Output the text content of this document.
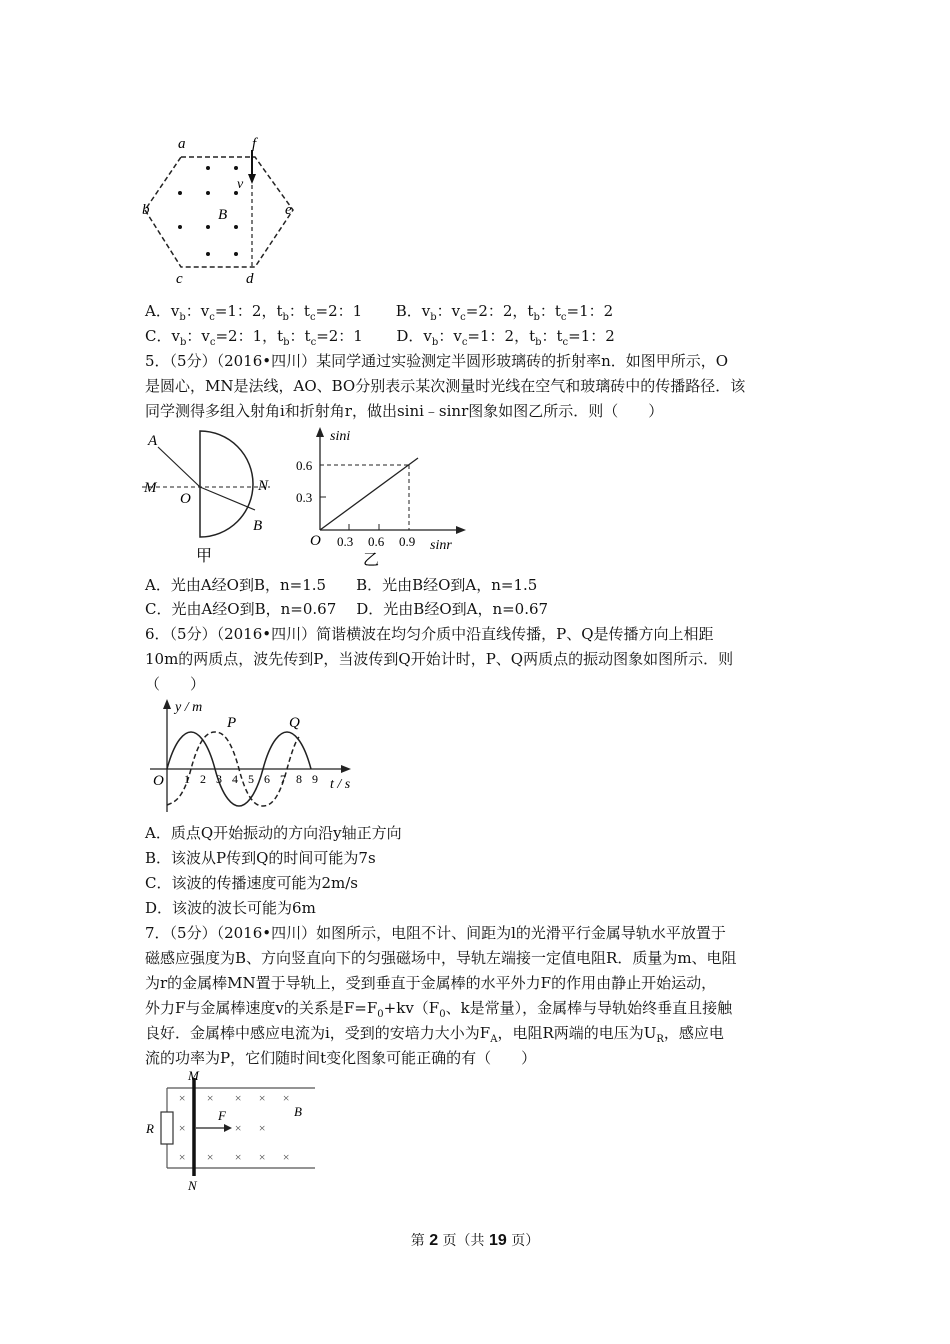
a	f
v
b	B	e
c	d
A．$v_b$：$v_c=1$：2，$t_b$：$t_c=2$：1 B．$v_b$：$v_c=2$：2，$t_b$：$t_c=1$：2
C．$v_b$：$v_c=2$：1，$t_b$：$t_c=2$：1 D．$v_b$：$v_c=1$：2，$t_b$：$t_c=1$：2
5．（5分）（2016•四川）某同学通过实验测定半圆形玻璃砖的折射率n．如图甲所示，O
是圆心，MN是法线，AO、BO分别表示某次测量时光线在空气和玻璃砖中的传播路径．该
同学测得多组入射角i和折射角r，做出sini﹣sinr图象如图乙所示．则（　　）
A
M
O
N
B
甲
sini
sinr
O
0.6
0.3
0.3 0.6 0.9
乙
A．光由A经O到B，n=1.5 B．光由B经O到A，n=1.5
C．光由A经O到B，n=0.67 D．光由B经O到A，n=0.67
6．（5分）（2016•四川）简谐横波在均匀介质中沿直线传播，P、Q是传播方向上相距
10m的两质点，波先传到P，当波传到Q开始计时，P、Q两质点的振动图象如图所示．则
（　　）
y / m
t / s
O
P	Q
1 2 3 4 5 6 7 8 9
A．质点Q开始振动的方向沿y轴正方向
B．该波从P传到Q的时间可能为7s
C．该波的传播速度可能为2m/s
D．该波的波长可能为6m
7．（5分）（2016•四川）如图所示，电阻不计、间距为l的光滑平行金属导轨水平放置于
磁感应强度为B、方向竖直向下的匀强磁场中，导轨左端接一定值电阻R．质量为m、电阻
为r的金属棒MN置于导轨上，受到垂直于金属棒的水平外力F的作用由静止开始运动，
外力F与金属棒速度v的关系是$F=F_0+kv(F_0$、k是常量），金属棒与导轨始终垂直且接触
良好．金属棒中感应电流为i，受到的安培力大小为$F_A$，电阻R两端的电压为$U_R$，感应电
流的功率为P，它们随时间t变化图象可能正确的有（　　）
×
×
×
×
×
×
×
×
×
×
×
×
×
M
N
R
F	B
第 2 页（共 19 页）
